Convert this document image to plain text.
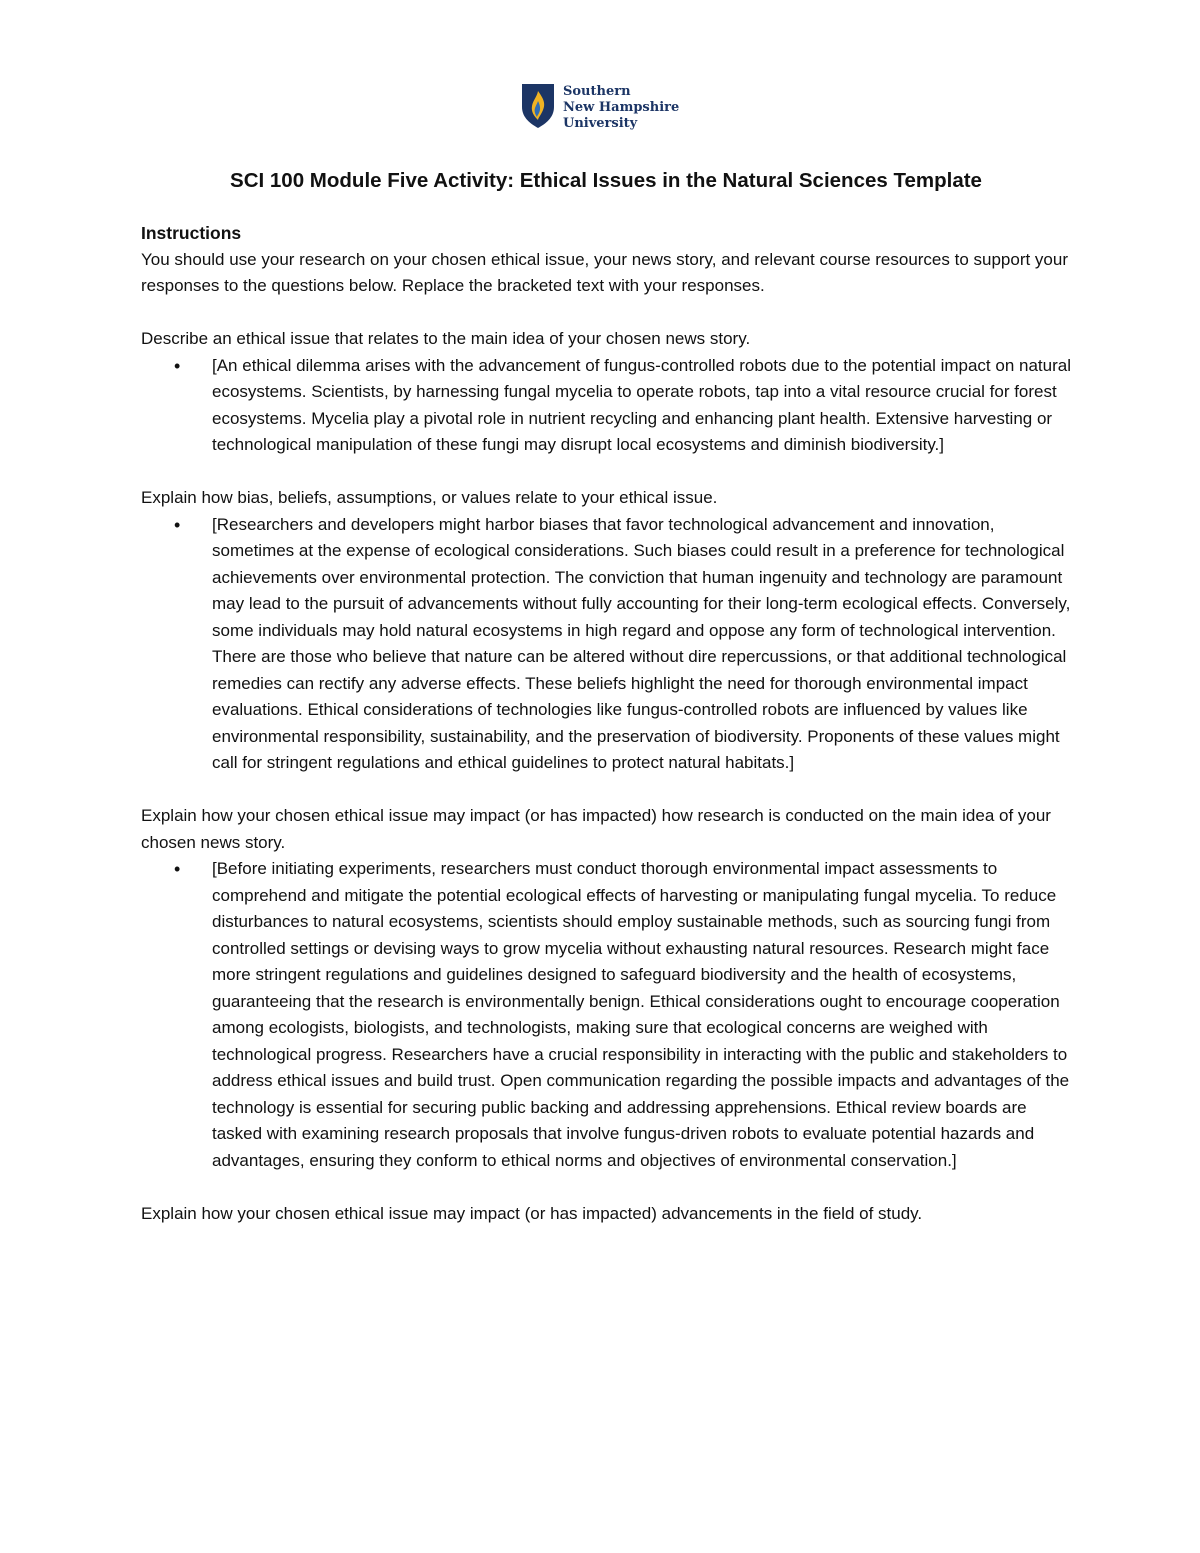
Southern
New Hampshire
University
SCI 100 Module Five Activity: Ethical Issues in the Natural Sciences Template
Instructions

You should use your research on your chosen ethical issue, your news story, and relevant course resources to support your responses to the questions below. Replace the bracketed text with your responses.

Describe an ethical issue that relates to the main idea of your chosen news story.

• [An ethical dilemma arises with the advancement of fungus-controlled robots due to the potential impact on natural ecosystems. Scientists, by harnessing fungal mycelia to operate robots, tap into a vital resource crucial for forest ecosystems. Mycelia play a pivotal role in nutrient recycling and enhancing plant health. Extensive harvesting or technological manipulation of these fungi may disrupt local ecosystems and diminish biodiversity.]

Explain how bias, beliefs, assumptions, or values relate to your ethical issue.

• [Researchers and developers might harbor biases that favor technological advancement and innovation, sometimes at the expense of ecological considerations. Such biases could result in a preference for technological achievements over environmental protection. The conviction that human ingenuity and technology are paramount may lead to the pursuit of advancements without fully accounting for their long-term ecological effects. Conversely, some individuals may hold natural ecosystems in high regard and oppose any form of technological intervention. There are those who believe that nature can be altered without dire repercussions, or that additional technological remedies can rectify any adverse effects. These beliefs highlight the need for thorough environmental impact evaluations. Ethical considerations of technologies like fungus-controlled robots are influenced by values like environmental responsibility, sustainability, and the preservation of biodiversity. Proponents of these values might call for stringent regulations and ethical guidelines to protect natural habitats.]

Explain how your chosen ethical issue may impact (or has impacted) how research is conducted on the main idea of your chosen news story.

• [Before initiating experiments, researchers must conduct thorough environmental impact assessments to comprehend and mitigate the potential ecological effects of harvesting or manipulating fungal mycelia. To reduce disturbances to natural ecosystems, scientists should employ sustainable methods, such as sourcing fungi from controlled settings or devising ways to grow mycelia without exhausting natural resources. Research might face more stringent regulations and guidelines designed to safeguard biodiversity and the health of ecosystems, guaranteeing that the research is environmentally benign. Ethical considerations ought to encourage cooperation among ecologists, biologists, and technologists, making sure that ecological concerns are weighed with technological progress. Researchers have a crucial responsibility in interacting with the public and stakeholders to address ethical issues and build trust. Open communication regarding the possible impacts and advantages of the technology is essential for securing public backing and addressing apprehensions. Ethical review boards are tasked with examining research proposals that involve fungus-driven robots to evaluate potential hazards and advantages, ensuring they conform to ethical norms and objectives of environmental conservation.]

Explain how your chosen ethical issue may impact (or has impacted) advancements in the field of study.
